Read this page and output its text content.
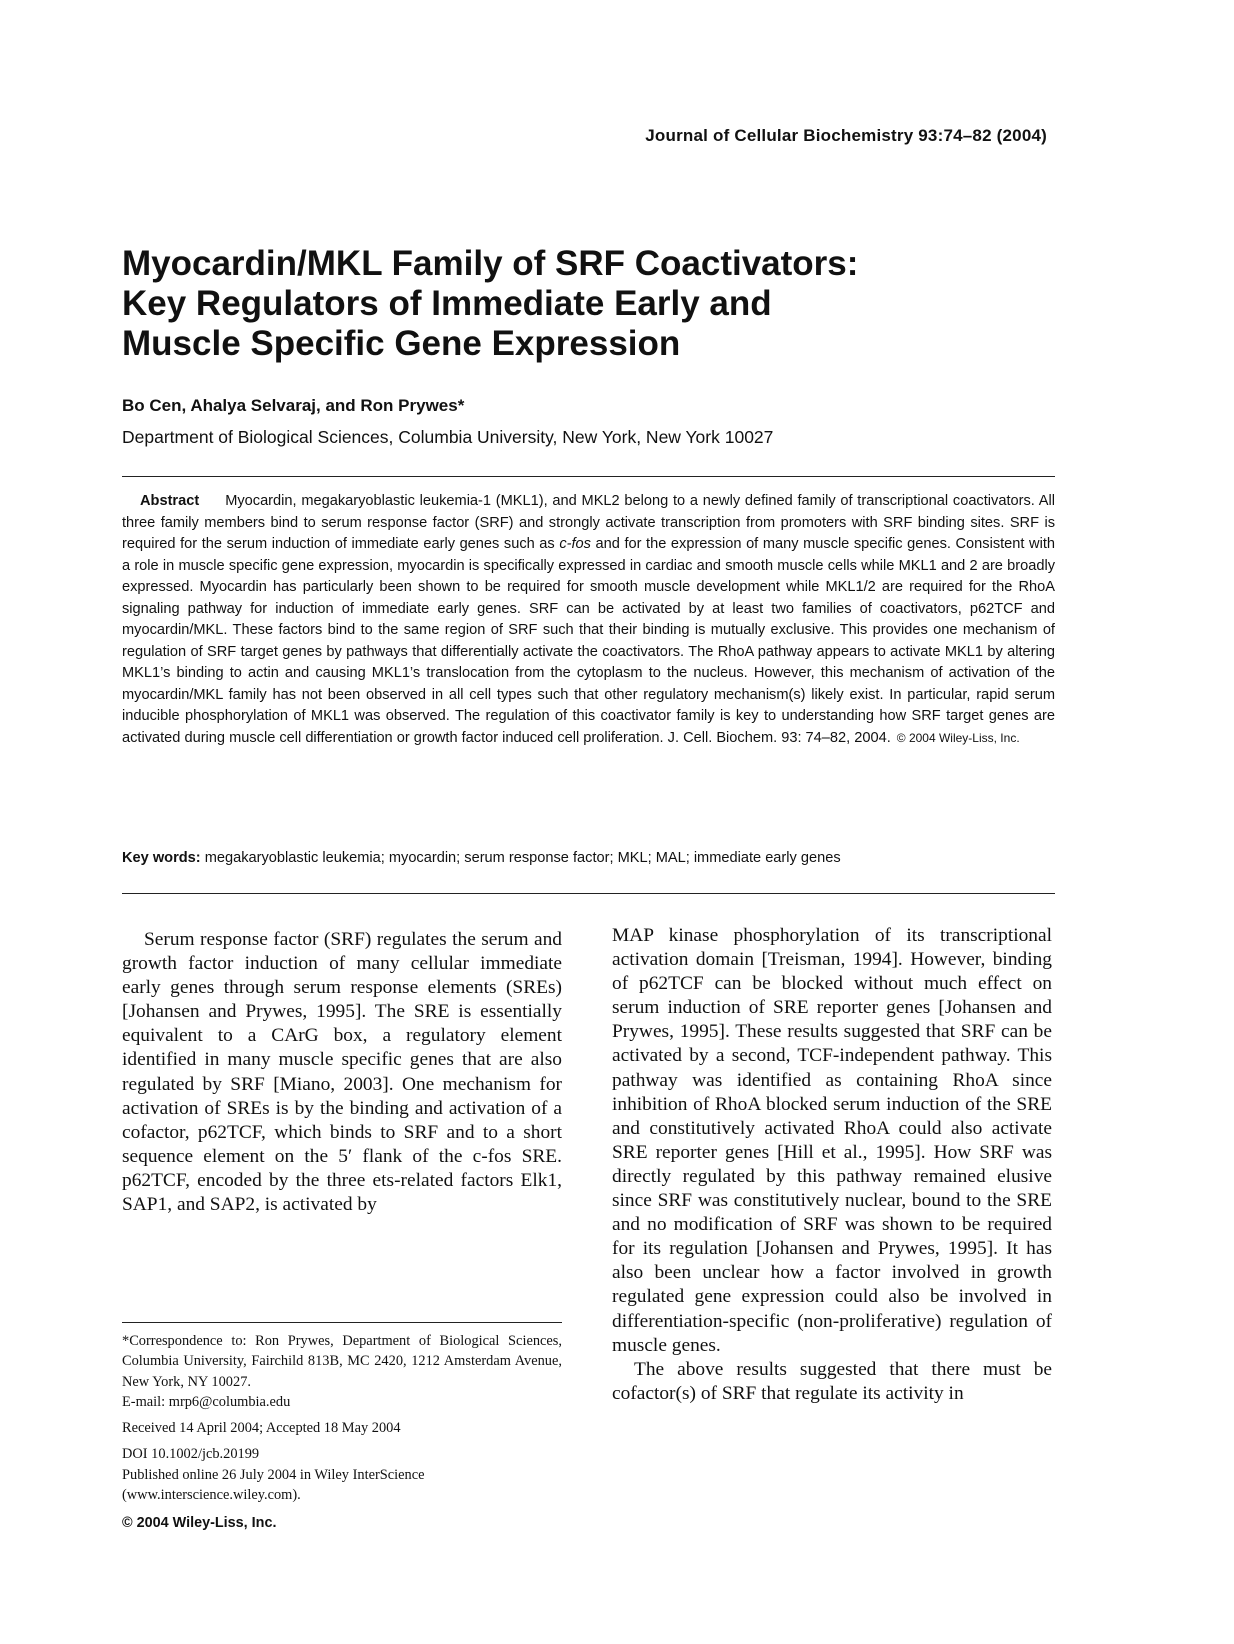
Journal of Cellular Biochemistry 93:74–82 (2004)
Myocardin/MKL Family of SRF Coactivators:
Key Regulators of Immediate Early and
Muscle Specific Gene Expression
Bo Cen, Ahalya Selvaraj, and Ron Prywes*
Department of Biological Sciences, Columbia University, New York, New York 10027
Abstract Myocardin, megakaryoblastic leukemia-1 (MKL1), and MKL2 belong to a newly defined family of transcriptional coactivators. All three family members bind to serum response factor (SRF) and strongly activate transcription from promoters with SRF binding sites. SRF is required for the serum induction of immediate early genes such as c-fos and for the expression of many muscle specific genes. Consistent with a role in muscle specific gene expression, myocardin is specifically expressed in cardiac and smooth muscle cells while MKL1 and 2 are broadly expressed. Myocardin has particularly been shown to be required for smooth muscle development while MKL1/2 are required for the RhoA signaling pathway for induction of immediate early genes. SRF can be activated by at least two families of coactivators, p62TCF and myocardin/MKL. These factors bind to the same region of SRF such that their binding is mutually exclusive. This provides one mechanism of regulation of SRF target genes by pathways that differentially activate the coactivators. The RhoA pathway appears to activate MKL1 by altering MKL1’s binding to actin and causing MKL1’s translocation from the cytoplasm to the nucleus. However, this mechanism of activation of the myocardin/MKL family has not been observed in all cell types such that other regulatory mechanism(s) likely exist. In particular, rapid serum inducible phosphorylation of MKL1 was observed. The regulation of this coactivator family is key to understanding how SRF target genes are activated during muscle cell differentiation or growth factor induced cell proliferation. J. Cell. Biochem. 93: 74–82, 2004. © 2004 Wiley-Liss, Inc.
Key words: megakaryoblastic leukemia; myocardin; serum response factor; MKL; MAL; immediate early genes

Serum response factor (SRF) regulates the serum and growth factor induction of many cellular immediate early genes through serum response elements (SREs) [Johansen and Prywes, 1995]. The SRE is essentially equivalent to a CArG box, a regulatory element identified in many muscle specific genes that are also regulated by SRF [Miano, 2003]. One mechanism for activation of SREs is by the binding and activation of a cofactor, p62TCF, which binds to SRF and to a short sequence element on the 5′ flank of the c-fos SRE. p62TCF, encoded by the three ets-related factors Elk1, SAP1, and SAP2, is activated by

MAP kinase phosphorylation of its transcriptional activation domain [Treisman, 1994]. However, binding of p62TCF can be blocked without much effect on serum induction of SRE reporter genes [Johansen and Prywes, 1995]. These results suggested that SRF can be activated by a second, TCF-independent pathway. This pathway was identified as containing RhoA since inhibition of RhoA blocked serum induction of the SRE and constitutively activated RhoA could also activate SRE reporter genes [Hill et al., 1995]. How SRF was directly regulated by this pathway remained elusive since SRF was constitutively nuclear, bound to the SRE and no modification of SRF was shown to be required for its regulation [Johansen and Prywes, 1995]. It has also been unclear how a factor involved in growth regulated gene expression could also be involved in differentiation-specific (non-proliferative) regulation of muscle genes.

The above results suggested that there must be cofactor(s) of SRF that regulate its activity in

*Correspondence to: Ron Prywes, Department of Biological Sciences, Columbia University, Fairchild 813B, MC 2420, 1212 Amsterdam Avenue, New York, NY 10027.

E-mail: mrp6@columbia.edu

Received 14 April 2004; Accepted 18 May 2004

DOI 10.1002/jcb.20199

Published online 26 July 2004 in Wiley InterScience

(www.interscience.wiley.com).

© 2004 Wiley-Liss, Inc.
